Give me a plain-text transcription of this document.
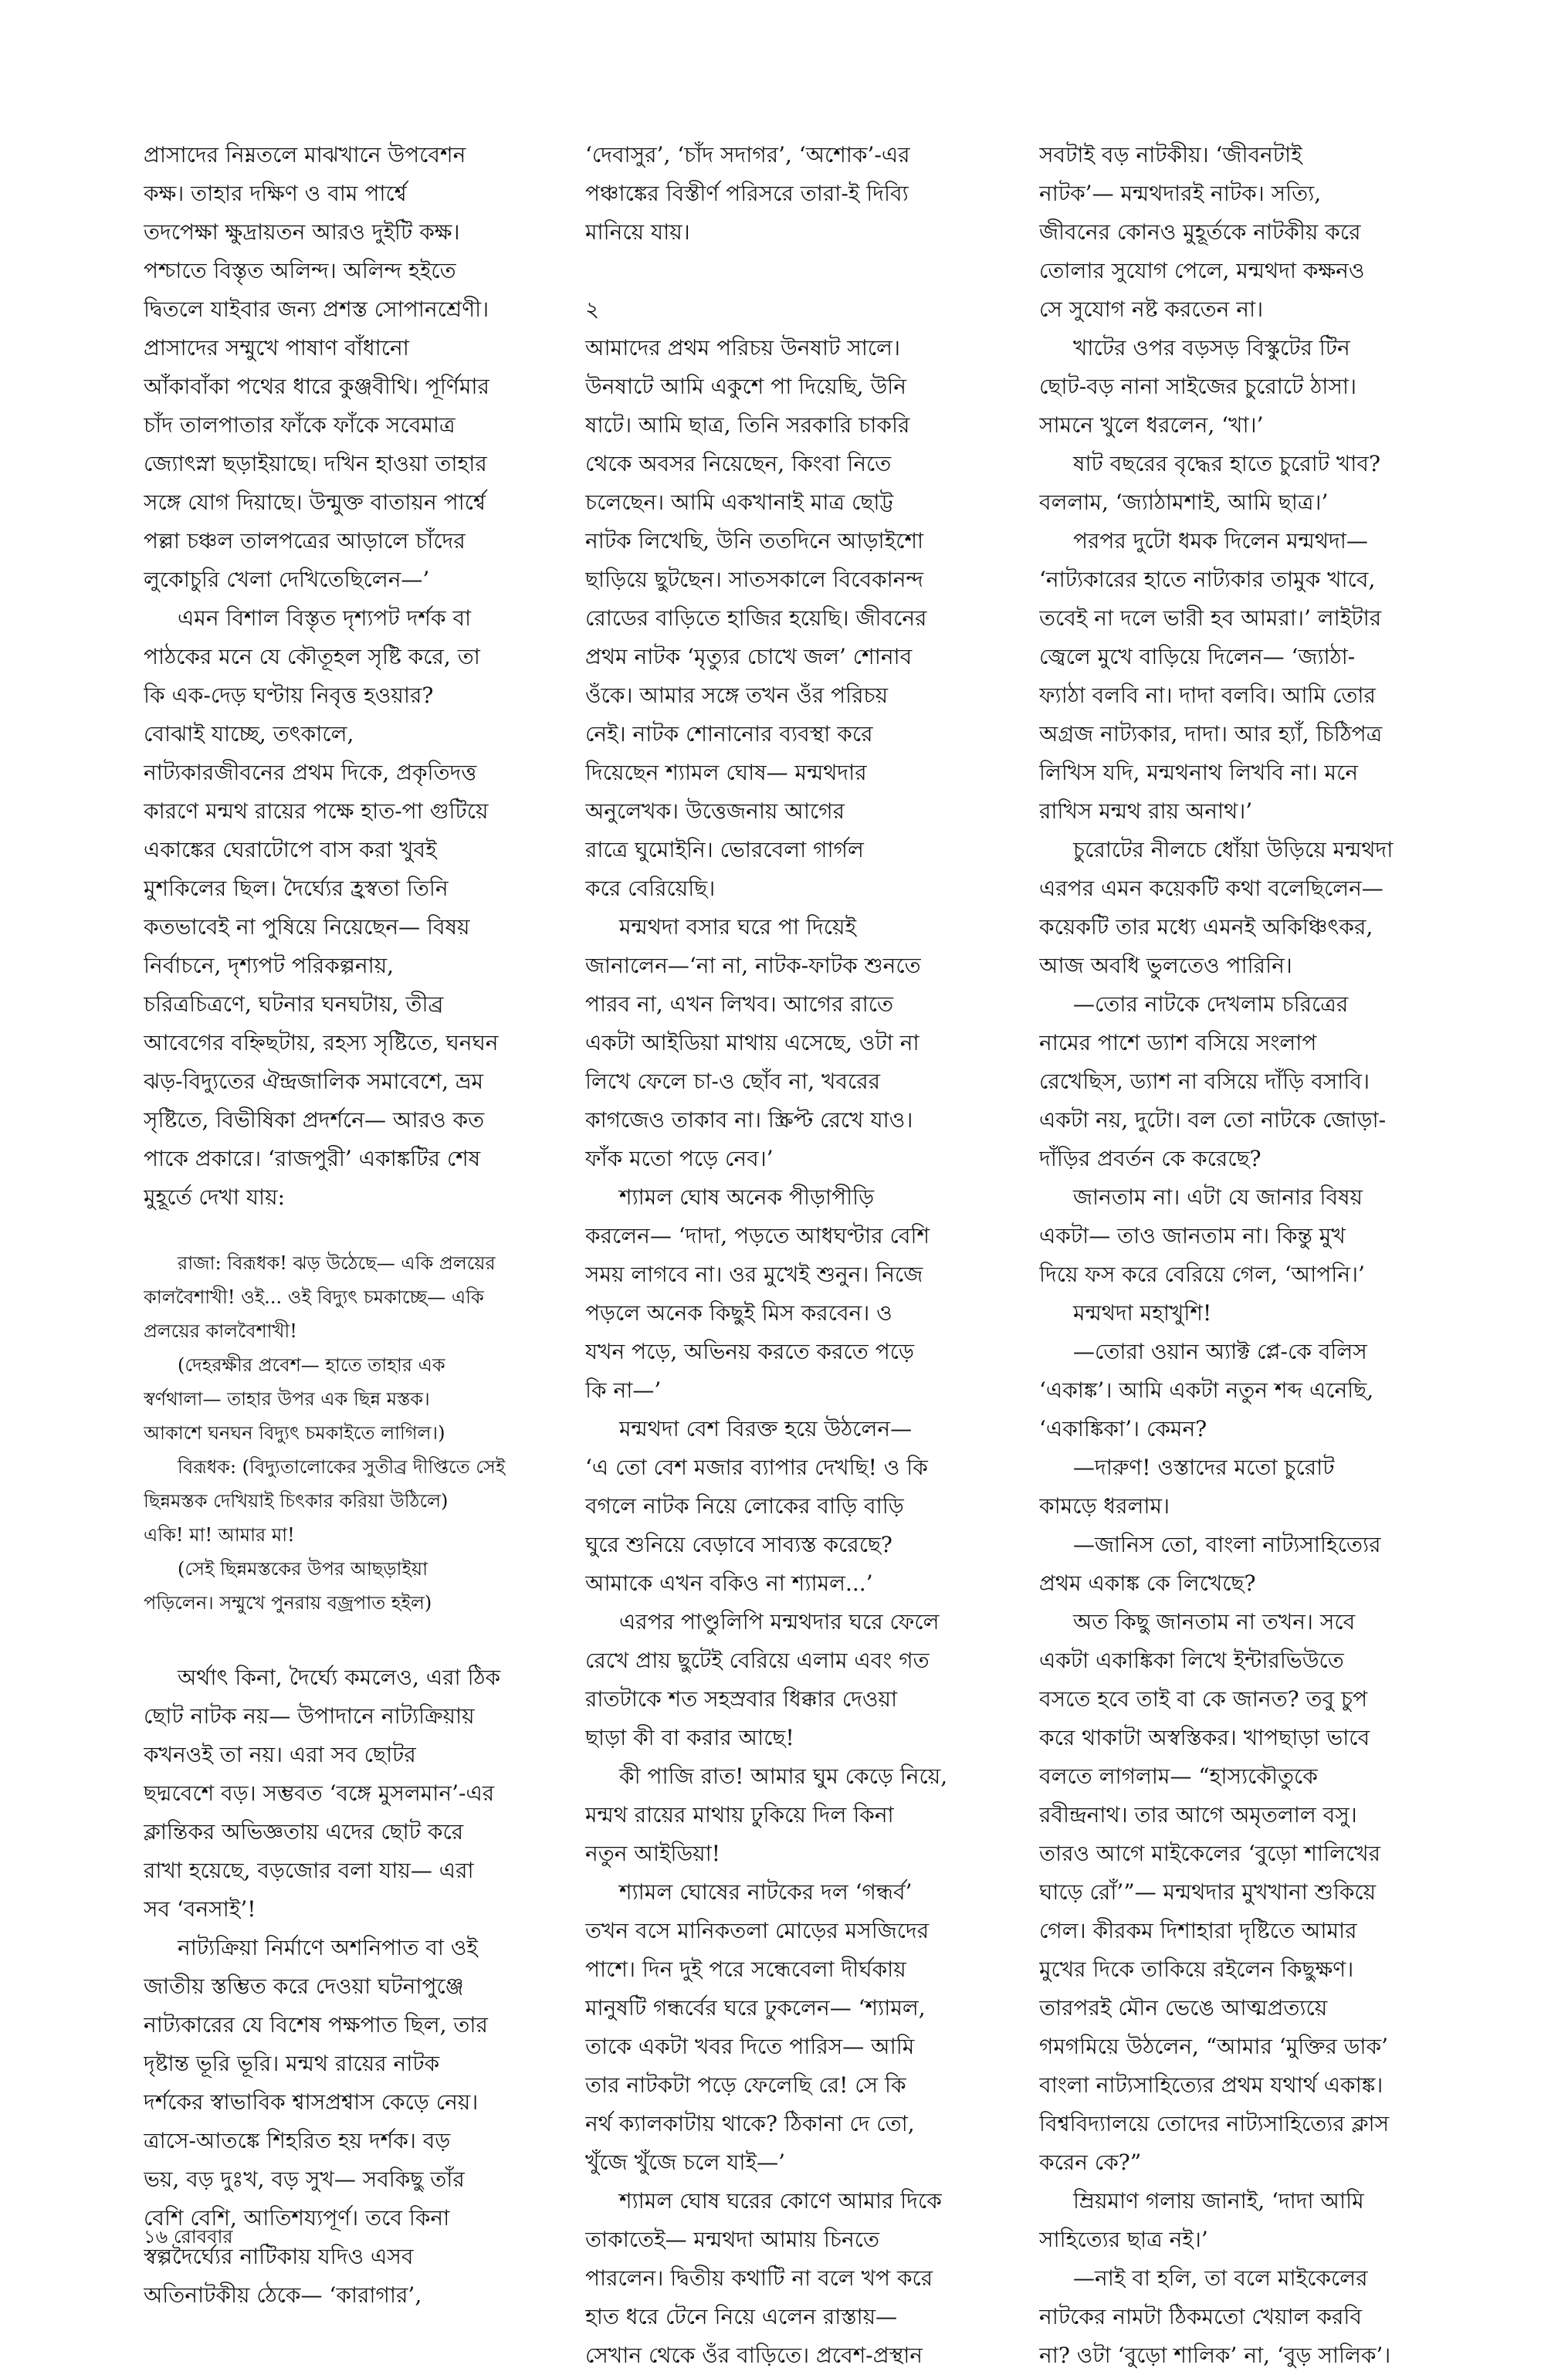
প্রাসাদের নিম্নতলে মাঝখানে উপবেশন
কক্ষ। তাহার দক্ষিণ ও বাম পার্শ্বে
তদপেক্ষা ক্ষুদ্রায়তন আরও দুইটি কক্ষ।
পশ্চাতে বিস্তৃত অলিন্দ। অলিন্দ হইতে
দ্বিতলে যাইবার জন্য প্রশস্ত সোপানশ্রেণী।
প্রাসাদের সম্মুখে পাষাণ বাঁধানো
আঁকাবাঁকা পথের ধারে কুঞ্জবীথি। পূর্ণিমার
চাঁদ তালপাতার ফাঁকে ফাঁকে সবেমাত্র
জ্যোৎস্না ছড়াইয়াছে। দখিন হাওয়া তাহার
সঙ্গে যোগ দিয়াছে। উন্মুক্ত বাতায়ন পার্শ্বে
পল্লা চঞ্চল তালপত্রের আড়ালে চাঁদের
লুকোচুরি খেলা দেখিতেছিলেন—’
এমন বিশাল বিস্তৃত দৃশ্যপট দর্শক বা
পাঠকের মনে যে কৌতূহল সৃষ্টি করে, তা
কি এক-দেড় ঘণ্টায় নিবৃত্ত হওয়ার?
বোঝাই যাচ্ছে, তৎকালে,
নাট্যকারজীবনের প্রথম দিকে, প্রকৃতিদত্ত
কারণে মন্মথ রায়ের পক্ষে হাত-পা গুটিয়ে
একাঙ্কের ঘেরাটোপে বাস করা খুবই
মুশকিলের ছিল। দৈর্ঘ্যের হ্রস্বতা তিনি
কতভাবেই না পুষিয়ে নিয়েছেন— বিষয়
নির্বাচনে, দৃশ্যপট পরিকল্পনায়,
চরিত্রচিত্রণে, ঘটনার ঘনঘটায়, তীব্র
আবেগের বহ্নিছটায়, রহস্য সৃষ্টিতে, ঘনঘন
ঝড়-বিদ্যুতের ঐন্দ্রজালিক সমাবেশে, ভ্রম
সৃষ্টিতে, বিভীষিকা প্রদর্শনে— আরও কত
পাকে প্রকারে। ‘রাজপুরী’ একাঙ্কটির শেষ
মুহূর্তে দেখা যায়:
রাজা: বিরূধক! ঝড় উঠেছে— একি প্রলয়ের
কালবৈশাখী! ওই... ওই বিদ্যুৎ চমকাচ্ছে— একি
প্রলয়ের কালবৈশাখী!
(দেহরক্ষীর প্রবেশ— হাতে তাহার এক
স্বর্ণথালা— তাহার উপর এক ছিন্ন মস্তক।
আকাশে ঘনঘন বিদ্যুৎ চমকাইতে লাগিল।)
বিরূধক: (বিদ্যুতালোকের সুতীব্র দীপ্তিতে সেই
ছিন্নমস্তক দেখিয়াই চিৎকার করিয়া উঠিলে)
একি! মা! আমার মা!
(সেই ছিন্নমস্তকের উপর আছড়াইয়া
পড়িলেন। সম্মুখে পুনরায় বজ্রপাত হইল)
অর্থাৎ কিনা, দৈর্ঘ্যে কমলেও, এরা ঠিক
ছোট নাটক নয়— উপাদানে নাট্যক্রিয়ায়
কখনওই তা নয়। এরা সব ছোটর
ছদ্মবেশে বড়। সম্ভবত ‘বঙ্গে মুসলমান’-এর
ক্লান্তিকর অভিজ্ঞতায় এদের ছোট করে
রাখা হয়েছে, বড়জোর বলা যায়— এরা
সব ‘বনসাই’!
নাট্যক্রিয়া নির্মাণে অশনিপাত বা ওই
জাতীয় স্তম্ভিত করে দেওয়া ঘটনাপুঞ্জে
নাট্যকারের যে বিশেষ পক্ষপাত ছিল, তার
দৃষ্টান্ত ভূরি ভূরি। মন্মথ রায়ের নাটক
দর্শকের স্বাভাবিক শ্বাসপ্রশ্বাস কেড়ে নেয়।
ত্রাসে-আতঙ্কে শিহরিত হয় দর্শক। বড়
ভয়, বড় দুঃখ, বড় সুখ— সবকিছু তাঁর
বেশি বেশি, আতিশয্যপূর্ণ। তবে কিনা
স্বল্পদৈর্ঘ্যের নাটিকায় যদিও এসব
অতিনাটকীয় ঠেকে— ‘কারাগার’,
‘দেবাসুর’, ‘চাঁদ সদাগর’, ‘অশোক’-এর
পঞ্চাঙ্কের বিস্তীর্ণ পরিসরে তারা-ই দিব্যি
মানিয়ে যায়।
২
আমাদের প্রথম পরিচয় উনষাট সালে।
উনষাটে আমি একুশে পা দিয়েছি, উনি
ষাটে। আমি ছাত্র, তিনি সরকারি চাকরি
থেকে অবসর নিয়েছেন, কিংবা নিতে
চলেছেন। আমি একখানাই মাত্র ছোট্ট
নাটক লিখেছি, উনি ততদিনে আড়াইশো
ছাড়িয়ে ছুটছেন। সাতসকালে বিবেকানন্দ
রোডের বাড়িতে হাজির হয়েছি। জীবনের
প্রথম নাটক ‘মৃত্যুর চোখে জল’ শোনাব
ওঁকে। আমার সঙ্গে তখন ওঁর পরিচয়
নেই। নাটক শোনানোর ব্যবস্থা করে
দিয়েছেন শ্যামল ঘোষ— মন্মথদার
অনুলেখক। উত্তেজনায় আগের
রাত্রে ঘুমোইনি। ভোরবেলা গার্গল
করে বেরিয়েছি।
মন্মথদা বসার ঘরে পা দিয়েই
জানালেন—‘না না, নাটক-ফাটক শুনতে
পারব না, এখন লিখব। আগের রাতে
একটা আইডিয়া মাথায় এসেছে, ওটা না
লিখে ফেলে চা-ও ছোঁব না, খবরের
কাগজেও তাকাব না। স্ক্রিপ্ট রেখে যাও।
ফাঁক মতো পড়ে নেব।’
শ্যামল ঘোষ অনেক পীড়াপীড়ি
করলেন— ‘দাদা, পড়তে আধঘণ্টার বেশি
সময় লাগবে না। ওর মুখেই শুনুন। নিজে
পড়লে অনেক কিছুই মিস করবেন। ও
যখন পড়ে, অভিনয় করতে করতে পড়ে
কি না—’
মন্মথদা বেশ বিরক্ত হয়ে উঠলেন—
‘এ তো বেশ মজার ব্যাপার দেখছি! ও কি
বগলে নাটক নিয়ে লোকের বাড়ি বাড়ি
ঘুরে শুনিয়ে বেড়াবে সাব্যস্ত করেছে?
আমাকে এখন বকিও না শ্যামল...’
এরপর পাণ্ডুলিপি মন্মথদার ঘরে ফেলে
রেখে প্রায় ছুটেই বেরিয়ে এলাম এবং গত
রাতটাকে শত সহস্রবার ধিক্কার দেওয়া
ছাড়া কী বা করার আছে!
কী পাজি রাত! আমার ঘুম কেড়ে নিয়ে,
মন্মথ রায়ের মাথায় ঢুকিয়ে দিল কিনা
নতুন আইডিয়া!
শ্যামল ঘোষের নাটকের দল ‘গন্ধর্ব’
তখন বসে মানিকতলা মোড়ের মসজিদের
পাশে। দিন দুই পরে সন্ধেবেলা দীর্ঘকায়
মানুষটি গন্ধর্বের ঘরে ঢুকলেন— ‘শ্যামল,
তাকে একটা খবর দিতে পারিস— আমি
তার নাটকটা পড়ে ফেলেছি রে! সে কি
নর্থ ক্যালকাটায় থাকে? ঠিকানা দে তো,
খুঁজে খুঁজে চলে যাই—’
শ্যামল ঘোষ ঘরের কোণে আমার দিকে
তাকাতেই— মন্মথদা আমায় চিনতে
পারলেন। দ্বিতীয় কথাটি না বলে খপ করে
হাত ধরে টেনে নিয়ে এলেন রাস্তায়—
সেখান থেকে ওঁর বাড়িতে। প্রবেশ-প্রস্থান
সবটাই বড় নাটকীয়। ‘জীবনটাই
নাটক’— মন্মথদারই নাটক। সত্যি,
জীবনের কোনও মুহূর্তকে নাটকীয় করে
তোলার সুযোগ পেলে, মন্মথদা কক্ষনও
সে সুযোগ নষ্ট করতেন না।
খাটের ওপর বড়সড় বিস্কুটের টিন
ছোট-বড় নানা সাইজের চুরোটে ঠাসা।
সামনে খুলে ধরলেন, ‘খা।’
ষাট বছরের বৃদ্ধের হাতে চুরোট খাব?
বললাম, ‘জ্যাঠামশাই, আমি ছাত্র।’
পরপর দুটো ধমক দিলেন মন্মথদা—
‘নাট্যকারের হাতে নাট্যকার তামুক খাবে,
তবেই না দলে ভারী হব আমরা।’ লাইটার
জ্বেলে মুখে বাড়িয়ে দিলেন— ‘জ্যাঠা-
ফ্যাঠা বলবি না। দাদা বলবি। আমি তোর
অগ্রজ নাট্যকার, দাদা। আর হ্যাঁ, চিঠিপত্র
লিখিস যদি, মন্মথনাথ লিখবি না। মনে
রাখিস মন্মথ রায় অনাথ।’
চুরোটের নীলচে ধোঁয়া উড়িয়ে মন্মথদা
এরপর এমন কয়েকটি কথা বলেছিলেন—
কয়েকটি তার মধ্যে এমনই অকিঞ্চিৎকর,
আজ অবধি ভুলতেও পারিনি।
—তোর নাটকে দেখলাম চরিত্রের
নামের পাশে ড্যাশ বসিয়ে সংলাপ
রেখেছিস, ড্যাশ না বসিয়ে দাঁড়ি বসাবি।
একটা নয়, দুটো। বল তো নাটকে জোড়া-
দাঁড়ির প্রবর্তন কে করেছে?
জানতাম না। এটা যে জানার বিষয়
একটা— তাও জানতাম না। কিন্তু মুখ
দিয়ে ফস করে বেরিয়ে গেল, ‘আপনি।’
মন্মথদা মহাখুশি!
—তোরা ওয়ান অ্যাক্ট প্লে-কে বলিস
‘একাঙ্ক’। আমি একটা নতুন শব্দ এনেছি,
‘একাঙ্কিকা’। কেমন?
—দারুণ! ওস্তাদের মতো চুরোট
কামড়ে ধরলাম।
—জানিস তো, বাংলা নাট্যসাহিত্যের
প্রথম একাঙ্ক কে লিখেছে?
অত কিছু জানতাম না তখন। সবে
একটা একাঙ্কিকা লিখে ইন্টারভিউতে
বসতে হবে তাই বা কে জানত? তবু চুপ
করে থাকাটা অস্বস্তিকর। খাপছাড়া ভাবে
বলতে লাগলাম— “হাস্যকৌতুকে
রবীন্দ্রনাথ। তার আগে অমৃতলাল বসু।
তারও আগে মাইকেলের ‘বুড়ো শালিখের
ঘাড়ে রোঁ’”— মন্মথদার মুখখানা শুকিয়ে
গেল। কীরকম দিশাহারা দৃষ্টিতে আমার
মুখের দিকে তাকিয়ে রইলেন কিছুক্ষণ।
তারপরই মৌন ভেঙে আত্মপ্রত্যয়ে
গমগমিয়ে উঠলেন, “আমার ‘মুক্তির ডাক’
বাংলা নাট্যসাহিত্যের প্রথম যথার্থ একাঙ্ক।
বিশ্ববিদ্যালয়ে তোদের নাট্যসাহিত্যের ক্লাস
করেন কে?”
ম্রিয়মাণ গলায় জানাই, ‘দাদা আমি
সাহিত্যের ছাত্র নই।’
—নাই বা হলি, তা বলে মাইকেলের
নাটকের নামটা ঠিকমতো খেয়াল করবি
না? ওটা ‘বুড়ো শালিক’ না, ‘বুড় সালিক’।
১৬ রোববার
